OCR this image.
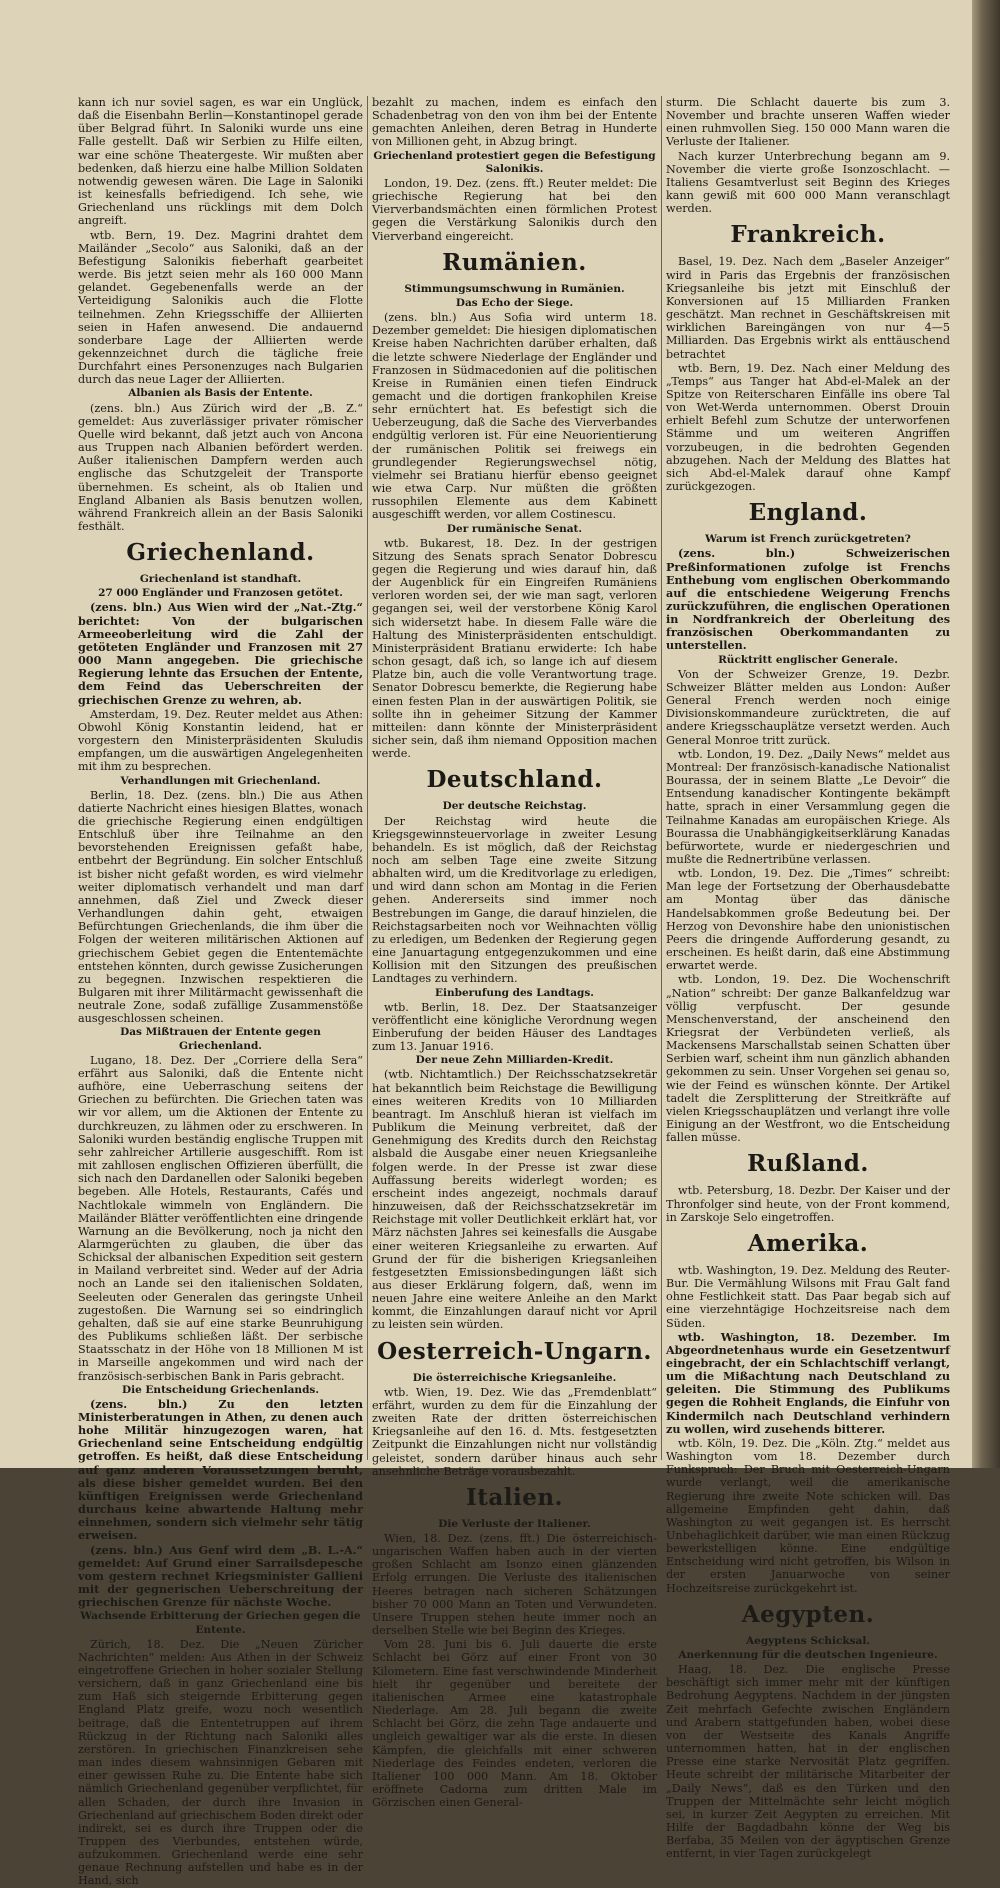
kann ich nur soviel sagen, es war ein Unglück, daß die Eisenbahn Berlin—Konstantinopel gerade über Belgrad führt. In Saloniki wurde uns eine Falle gestellt. Daß wir Serbien zu Hilfe eilten, war eine schöne Theatergeste. Wir mußten aber bedenken, daß hierzu eine halbe Million Soldaten notwendig gewesen wären. Die Lage in Saloniki ist keinesfalls befriedigend. Ich sehe, wie Griechenland uns rücklings mit dem Dolch angreift.

wtb. Bern, 19. Dez. Magrini drahtet dem Mailänder „Secolo“ aus Saloniki, daß an der Befestigung Salonikis fieberhaft gearbeitet werde. Bis jetzt seien mehr als 160 000 Mann gelandet. Gegebenenfalls werde an der Verteidigung Salonikis auch die Flotte teilnehmen. Zehn Kriegsschiffe der Alliierten seien in Hafen anwesend. Die andauernd sonderbare Lage der Alliierten werde gekennzeichnet durch die tägliche freie Durchfahrt eines Personenzuges nach Bulgarien durch das neue Lager der Alliierten.

Albanien als Basis der Entente.

(zens. bln.) Aus Zürich wird der „B. Z.“ gemeldet: Aus zuverlässiger privater römischer Quelle wird bekannt, daß jetzt auch von Ancona aus Truppen nach Albanien befördert werden. Außer italienischen Dampfern werden auch englische das Schutzgeleit der Transporte übernehmen. Es scheint, als ob Italien und England Albanien als Basis benutzen wollen, während Frankreich allein an der Basis Saloniki festhält.

Griechenland.
Griechenland ist standhaft.
27 000 Engländer und Franzosen getötet.

(zens. bln.) Aus Wien wird der „Nat.-Ztg.“ berichtet: Von der bulgarischen Armeeoberleitung wird die Zahl der getöteten Engländer und Franzosen mit 27 000 Mann angegeben. Die griechische Regierung lehnte das Ersuchen der Entente, dem Feind das Ueberschreiten der griechischen Grenze zu wehren, ab.

Amsterdam, 19. Dez. Reuter meldet aus Athen: Obwohl König Konstantin leidend, hat er vorgestern den Ministerpräsidenten Skuludis empfangen, um die auswärtigen Angelegenheiten mit ihm zu besprechen.

Verhandlungen mit Griechenland.

Berlin, 18. Dez. (zens. bln.) Die aus Athen datierte Nachricht eines hiesigen Blattes, wonach die griechische Regierung einen endgültigen Entschluß über ihre Teilnahme an den bevorstehenden Ereignissen gefaßt habe, entbehrt der Begründung. Ein solcher Entschluß ist bisher nicht gefaßt worden, es wird vielmehr weiter diplomatisch verhandelt und man darf annehmen, daß Ziel und Zweck dieser Verhandlungen dahin geht, etwaigen Befürchtungen Griechenlands, die ihm über die Folgen der weiteren militärischen Aktionen auf griechischem Gebiet gegen die Ententemächte entstehen könnten, durch gewisse Zusicherungen zu begegnen. Inzwischen respektieren die Bulgaren mit ihrer Militärmacht gewissenhaft die neutrale Zone, sodaß zufällige Zusammenstöße ausgeschlossen scheinen.

Das Mißtrauen der Entente gegen Griechenland.

Lugano, 18. Dez. Der „Corriere della Sera“ erfährt aus Saloniki, daß die Entente nicht aufhöre, eine Ueberraschung seitens der Griechen zu befürchten. Die Griechen taten was wir vor allem, um die Aktionen der Entente zu durchkreuzen, zu lähmen oder zu erschweren. In Saloniki wurden beständig englische Truppen mit sehr zahlreicher Artillerie ausgeschifft. Rom ist mit zahllosen englischen Offizieren überfüllt, die sich nach den Dardanellen oder Saloniki begeben begeben. Alle Hotels, Restaurants, Cafés und Nachtlokale wimmeln von Engländern. Die Mailänder Blätter veröffentlichten eine dringende Warnung an die Bevölkerung, noch ja nicht den Alarmgerüchten zu glauben, die über das Schicksal der albanischen Expedition seit gestern in Mailand verbreitet sind. Weder auf der Adria noch an Lande sei den italienischen Soldaten, Seeleuten oder Generalen das geringste Unheil zugestoßen. Die Warnung sei so eindringlich gehalten, daß sie auf eine starke Beunruhigung des Publikums schließen läßt. Der serbische Staatsschatz in der Höhe von 18 Millionen M ist in Marseille angekommen und wird nach der französisch-serbischen Bank in Paris gebracht.

Die Entscheidung Griechenlands.

(zens. bln.) Zu den letzten Ministerberatungen in Athen, zu denen auch hohe Militär hinzugezogen waren, hat Griechenland seine Entscheidung endgültig getroffen. Es heißt, daß diese Entscheidung auf ganz anderen Voraussetzungen beruht, als diese bisher gemeldet wurden. Bei den künftigen Ereignissen werde Griechenland durchaus keine abwartende Haltung mehr einnehmen, sondern sich vielmehr sehr tätig erweisen.

(zens. bln.) Aus Genf wird dem „B. L.-A.“ gemeldet: Auf Grund einer Sarrailsdepesche vom gestern rechnet Kriegsminister Gallieni mit der gegnerischen Ueberschreitung der griechischen Grenze für nächste Woche.

Wachsende Erbitterung der Griechen gegen die Entente.

Zürich, 18. Dez. Die „Neuen Züricher Nachrichten“ melden: Aus Athen in der Schweiz eingetroffene Griechen in hoher sozialer Stellung versichern, daß in ganz Griechenland eine bis zum Haß sich steigernde Erbitterung gegen England Platz greife, wozu noch wesentlich beitrage, daß die Ententetruppen auf ihrem Rückzug in der Richtung nach Saloniki alles zerstören. In griechischen Finanzkreisen sehe man indes diesem wahnsinnigen Gebaren mit einer gewissen Ruhe zu. Die Entente habe sich nämlich Griechenland gegenüber verpflichtet, für allen Schaden, der durch ihre Invasion in Griechenland auf griechischem Boden direkt oder indirekt, sei es durch ihre Truppen oder die Truppen des Vierbundes, entstehen würde, aufzukommen. Griechenland werde eine sehr genaue Rechnung aufstellen und habe es in der Hand, sich

bezahlt zu machen, indem es einfach den Schadenbetrag von den von ihm bei der Entente gemachten Anleihen, deren Betrag in Hunderte von Millionen geht, in Abzug bringt.

Griechenland protestiert gegen die Befestigung Salonikis.

London, 19. Dez. (zens. fft.) Reuter meldet: Die griechische Regierung hat bei den Vierverbandsmächten einen förmlichen Protest gegen die Verstärkung Salonikis durch den Vierverband eingereicht.

Rumänien.
Stimmungsumschwung in Rumänien.
Das Echo der Siege.

(zens. bln.) Aus Sofia wird unterm 18. Dezember gemeldet: Die hiesigen diplomatischen Kreise haben Nachrichten darüber erhalten, daß die letzte schwere Niederlage der Engländer und Franzosen in Südmacedonien auf die politischen Kreise in Rumänien einen tiefen Eindruck gemacht und die dortigen frankophilen Kreise sehr ernüchtert hat. Es befestigt sich die Ueberzeugung, daß die Sache des Vierverbandes endgültig verloren ist. Für eine Neuorientierung der rumänischen Politik sei freiwegs ein grundlegender Regierungswechsel nötig, vielmehr sei Bratianu hierfür ebenso geeignet wie etwa Carp. Nur müßten die größten russophilen Elemente aus dem Kabinett ausgeschifft werden, vor allem Costinescu.

Der rumänische Senat.

wtb. Bukarest, 18. Dez. In der gestrigen Sitzung des Senats sprach Senator Dobrescu gegen die Regierung und wies darauf hin, daß der Augenblick für ein Eingreifen Rumäniens verloren worden sei, der wie man sagt, verloren gegangen sei, weil der verstorbene König Karol sich widersetzt habe. In diesem Falle wäre die Haltung des Ministerpräsidenten entschuldigt. Ministerpräsident Bratianu erwiderte: Ich habe schon gesagt, daß ich, so lange ich auf diesem Platze bin, auch die volle Verantwortung trage. Senator Dobrescu bemerkte, die Regierung habe einen festen Plan in der auswärtigen Politik, sie sollte ihn in geheimer Sitzung der Kammer mitteilen: dann könnte der Ministerpräsident sicher sein, daß ihm niemand Opposition machen werde.

Deutschland.
Der deutsche Reichstag.

Der Reichstag wird heute die Kriegsgewinnsteuervorlage in zweiter Lesung behandeln. Es ist möglich, daß der Reichstag noch am selben Tage eine zweite Sitzung abhalten wird, um die Kreditvorlage zu erledigen, und wird dann schon am Montag in die Ferien gehen. Andererseits sind immer noch Bestrebungen im Gange, die darauf hinzielen, die Reichstagsarbeiten noch vor Weihnachten völlig zu erledigen, um Bedenken der Regierung gegen eine Januartagung entgegenzukommen und eine Kollision mit den Sitzungen des preußischen Landtages zu verhindern.

Einberufung des Landtags.

wtb. Berlin, 18. Dez. Der Staatsanzeiger veröffentlicht eine königliche Verordnung wegen Einberufung der beiden Häuser des Landtages zum 13. Januar 1916.

Der neue Zehn Milliarden-Kredit.

(wtb. Nichtamtlich.) Der Reichsschatzsekretär hat bekanntlich beim Reichstage die Bewilligung eines weiteren Kredits von 10 Milliarden beantragt. Im Anschluß hieran ist vielfach im Publikum die Meinung verbreitet, daß der Genehmigung des Kredits durch den Reichstag alsbald die Ausgabe einer neuen Kriegsanleihe folgen werde. In der Presse ist zwar diese Auffassung bereits widerlegt worden; es erscheint indes angezeigt, nochmals darauf hinzuweisen, daß der Reichsschatzsekretär im Reichstage mit voller Deutlichkeit erklärt hat, vor März nächsten Jahres sei keinesfalls die Ausgabe einer weiteren Kriegsanleihe zu erwarten. Auf Grund der für die bisherigen Kriegsanleihen festgesetzten Emissionsbedingungen läßt sich aus dieser Erklärung folgern, daß, wenn im neuen Jahre eine weitere Anleihe an den Markt kommt, die Einzahlungen darauf nicht vor April zu leisten sein würden.

Oesterreich-Ungarn.
Die österreichische Kriegsanleihe.

wtb. Wien, 19. Dez. Wie das „Fremdenblatt“ erfährt, wurden zu dem für die Einzahlung der zweiten Rate der dritten österreichischen Kriegsanleihe auf den 16. d. Mts. festgesetzten Zeitpunkt die Einzahlungen nicht nur vollständig geleistet, sondern darüber hinaus auch sehr ansehnliche Beträge vorausbezahlt.

Italien.
Die Verluste der Italiener.

Wien, 18. Dez. (zens. fft.) Die österreichisch-ungarischen Waffen haben auch in der vierten großen Schlacht am Isonzo einen glänzenden Erfolg errungen. Die Verluste des italienischen Heeres betragen nach sicheren Schätzungen bisher 70 000 Mann an Toten und Verwundeten. Unsere Truppen stehen heute immer noch an derselben Stelle wie bei Beginn des Krieges.

Vom 28. Juni bis 6. Juli dauerte die erste Schlacht bei Görz auf einer Front von 30 Kilometern. Eine fast verschwindende Minderheit hielt ihr gegenüber und bereitete der italienischen Armee eine katastrophale Niederlage. Am 28. Juli begann die zweite Schlacht bei Görz, die zehn Tage andauerte und ungleich gewaltiger war als die erste. In diesen Kämpfen, die gleichfalls mit einer schweren Niederlage des Feindes endeten, verloren die Italiener 100 000 Mann. Am 18. Oktober eröffnete Cadorna zum dritten Male im Görzischen einen General-

sturm. Die Schlacht dauerte bis zum 3. November und brachte unseren Waffen wieder einen ruhmvollen Sieg. 150 000 Mann waren die Verluste der Italiener.

Nach kurzer Unterbrechung begann am 9. November die vierte große Isonzoschlacht. — Italiens Gesamtverlust seit Beginn des Krieges kann gewiß mit 600 000 Mann veranschlagt werden.

Frankreich.

Basel, 19. Dez. Nach dem „Baseler Anzeiger“ wird in Paris das Ergebnis der französischen Kriegsanleihe bis jetzt mit Einschluß der Konversionen auf 15 Milliarden Franken geschätzt. Man rechnet in Geschäftskreisen mit wirklichen Bareingängen von nur 4—5 Milliarden. Das Ergebnis wirkt als enttäuschend betrachtet

wtb. Bern, 19. Dez. Nach einer Meldung des „Temps“ aus Tanger hat Abd-el-Malek an der Spitze von Reiterscharen Einfälle ins obere Tal von Wet-Werda unternommen. Oberst Drouin erhielt Befehl zum Schutze der unterworfenen Stämme und um weiteren Angriffen vorzubeugen, in die bedrohten Gegenden abzugehen. Nach der Meldung des Blattes hat sich Abd-el-Malek darauf ohne Kampf zurückgezogen.

England.
Warum ist French zurückgetreten?

(zens. bln.) Schweizerischen Preßinformationen zufolge ist Frenchs Enthebung vom englischen Oberkommando auf die entschiedene Weigerung Frenchs zurückzuführen, die englischen Operationen in Nordfrankreich der Oberleitung des französischen Oberkommandanten zu unterstellen.

Rücktritt englischer Generale.

Von der Schweizer Grenze, 19. Dezbr. Schweizer Blätter melden aus London: Außer General French werden noch einige Divisionskommandeure zurücktreten, die auf andere Kriegsschauplätze versetzt werden. Auch General Monroe tritt zurück.

wtb. London, 19. Dez. „Daily News“ meldet aus Montreal: Der französisch-kanadische Nationalist Bourassa, der in seinem Blatte „Le Devoir“ die Entsendung kanadischer Kontingente bekämpft hatte, sprach in einer Versammlung gegen die Teilnahme Kanadas am europäischen Kriege. Als Bourassa die Unabhängigkeitserklärung Kanadas befürwortete, wurde er niedergeschrien und mußte die Rednertribüne verlassen.

wtb. London, 19. Dez. Die „Times“ schreibt: Man lege der Fortsetzung der Oberhausdebatte am Montag über das dänische Handelsabkommen große Bedeutung bei. Der Herzog von Devonshire habe den unionistischen Peers die dringende Aufforderung gesandt, zu erscheinen. Es heißt darin, daß eine Abstimmung erwartet werde.

wtb. London, 19. Dez. Die Wochenschrift „Nation“ schreibt: Der ganze Balkanfeldzug war völlig verpfuscht. Der gesunde Menschenverstand, der anscheinend den Kriegsrat der Verbündeten verließ, als Mackensens Marschallstab seinen Schatten über Serbien warf, scheint ihm nun gänzlich abhanden gekommen zu sein. Unser Vorgehen sei genau so, wie der Feind es wünschen könnte. Der Artikel tadelt die Zersplitterung der Streitkräfte auf vielen Kriegsschauplätzen und verlangt ihre volle Einigung an der Westfront, wo die Entscheidung fallen müsse.

Rußland.

wtb. Petersburg, 18. Dezbr. Der Kaiser und der Thronfolger sind heute, von der Front kommend, in Zarskoje Selo eingetroffen.

Amerika.

wtb. Washington, 19. Dez. Meldung des Reuter-Bur. Die Vermählung Wilsons mit Frau Galt fand ohne Festlichkeit statt. Das Paar begab sich auf eine vierzehntägige Hochzeitsreise nach dem Süden.

wtb. Washington, 18. Dezember. Im Abgeordnetenhaus wurde ein Gesetzentwurf eingebracht, der ein Schlachtschiff verlangt, um die Mißachtung nach Deutschland zu geleiten. Die Stimmung des Publikums gegen die Rohheit Englands, die Einfuhr von Kindermilch nach Deutschland verhindern zu wollen, wird zusehends bitterer.

wtb. Köln, 19. Dez. Die „Köln. Ztg.“ meldet aus Washington vom 18. Dezember durch Funkspruch: Der Bruch mit Oesterreich-Ungarn wurde verlangt, weil die amerikanische Regierung ihre zweite Note schicken will. Das allgemeine Empfinden geht dahin, daß Washington zu weit gegangen ist. Es herrscht Unbehaglichkeit darüber, wie man einen Rückzug bewerkstelligen könne. Eine endgültige Entscheidung wird nicht getroffen, bis Wilson in der ersten Januarwoche von seiner Hochzeitsreise zurückgekehrt ist.

Aegypten.
Aegyptens Schicksal.
Anerkennung für die deutschen Ingenieure.

Haag, 18. Dez. Die englische Presse beschäftigt sich immer mehr mit der künftigen Bedrohung Aegyptens. Nachdem in der jüngsten Zeit mehrfach Gefechte zwischen Engländern und Arabern stattgefunden haben, wobei diese von der Westseite des Kanals Angriffe unternommen hatten, hat in der englischen Presse eine starke Nervosität Platz gegriffen. Heute schreibt der militärische Mitarbeiter der „Daily News“, daß es den Türken und den Truppen der Mittelmächte sehr leicht möglich sei, in kurzer Zeit Aegypten zu erreichen. Mit Hilfe der Bagdadbahn könne der Weg bis Berfaba, 35 Meilen von der ägyptischen Grenze entfernt, in vier Tagen zurückgelegt
